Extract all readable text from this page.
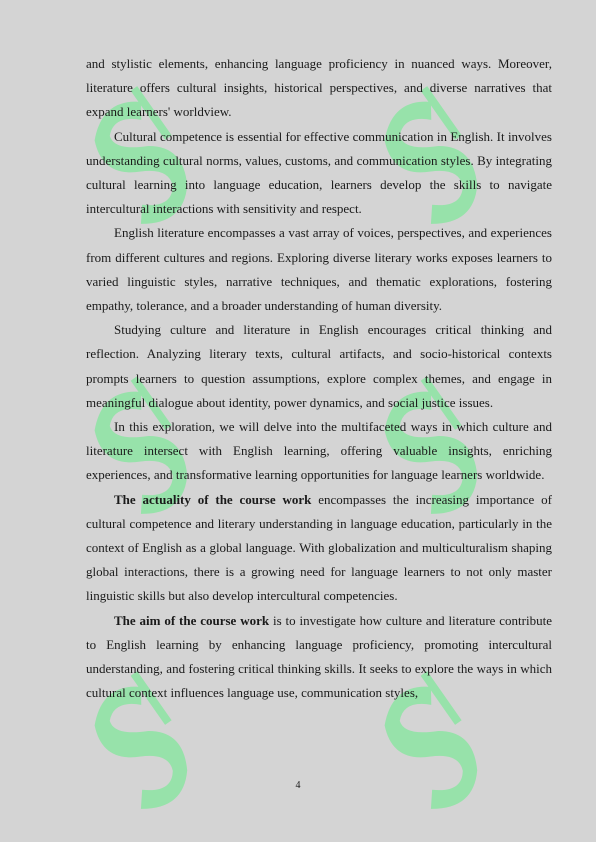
and stylistic elements, enhancing language proficiency in nuanced ways. Moreover, literature offers cultural insights, historical perspectives, and diverse narratives that expand learners' worldview.

Cultural competence is essential for effective communication in English. It involves understanding cultural norms, values, customs, and communication styles. By integrating cultural learning into language education, learners develop the skills to navigate intercultural interactions with sensitivity and respect.

English literature encompasses a vast array of voices, perspectives, and experiences from different cultures and regions. Exploring diverse literary works exposes learners to varied linguistic styles, narrative techniques, and thematic explorations, fostering empathy, tolerance, and a broader understanding of human diversity.

Studying culture and literature in English encourages critical thinking and reflection. Analyzing literary texts, cultural artifacts, and socio-historical contexts prompts learners to question assumptions, explore complex themes, and engage in meaningful dialogue about identity, power dynamics, and social justice issues.

In this exploration, we will delve into the multifaceted ways in which culture and literature intersect with English learning, offering valuable insights, enriching experiences, and transformative learning opportunities for language learners worldwide.

The actuality of the course work encompasses the increasing importance of cultural competence and literary understanding in language education, particularly in the context of English as a global language. With globalization and multiculturalism shaping global interactions, there is a growing need for language learners to not only master linguistic skills but also develop intercultural competencies.

The aim of the course work is to investigate how culture and literature contribute to English learning by enhancing language proficiency, promoting intercultural understanding, and fostering critical thinking skills. It seeks to explore the ways in which cultural context influences language use, communication styles,

4
